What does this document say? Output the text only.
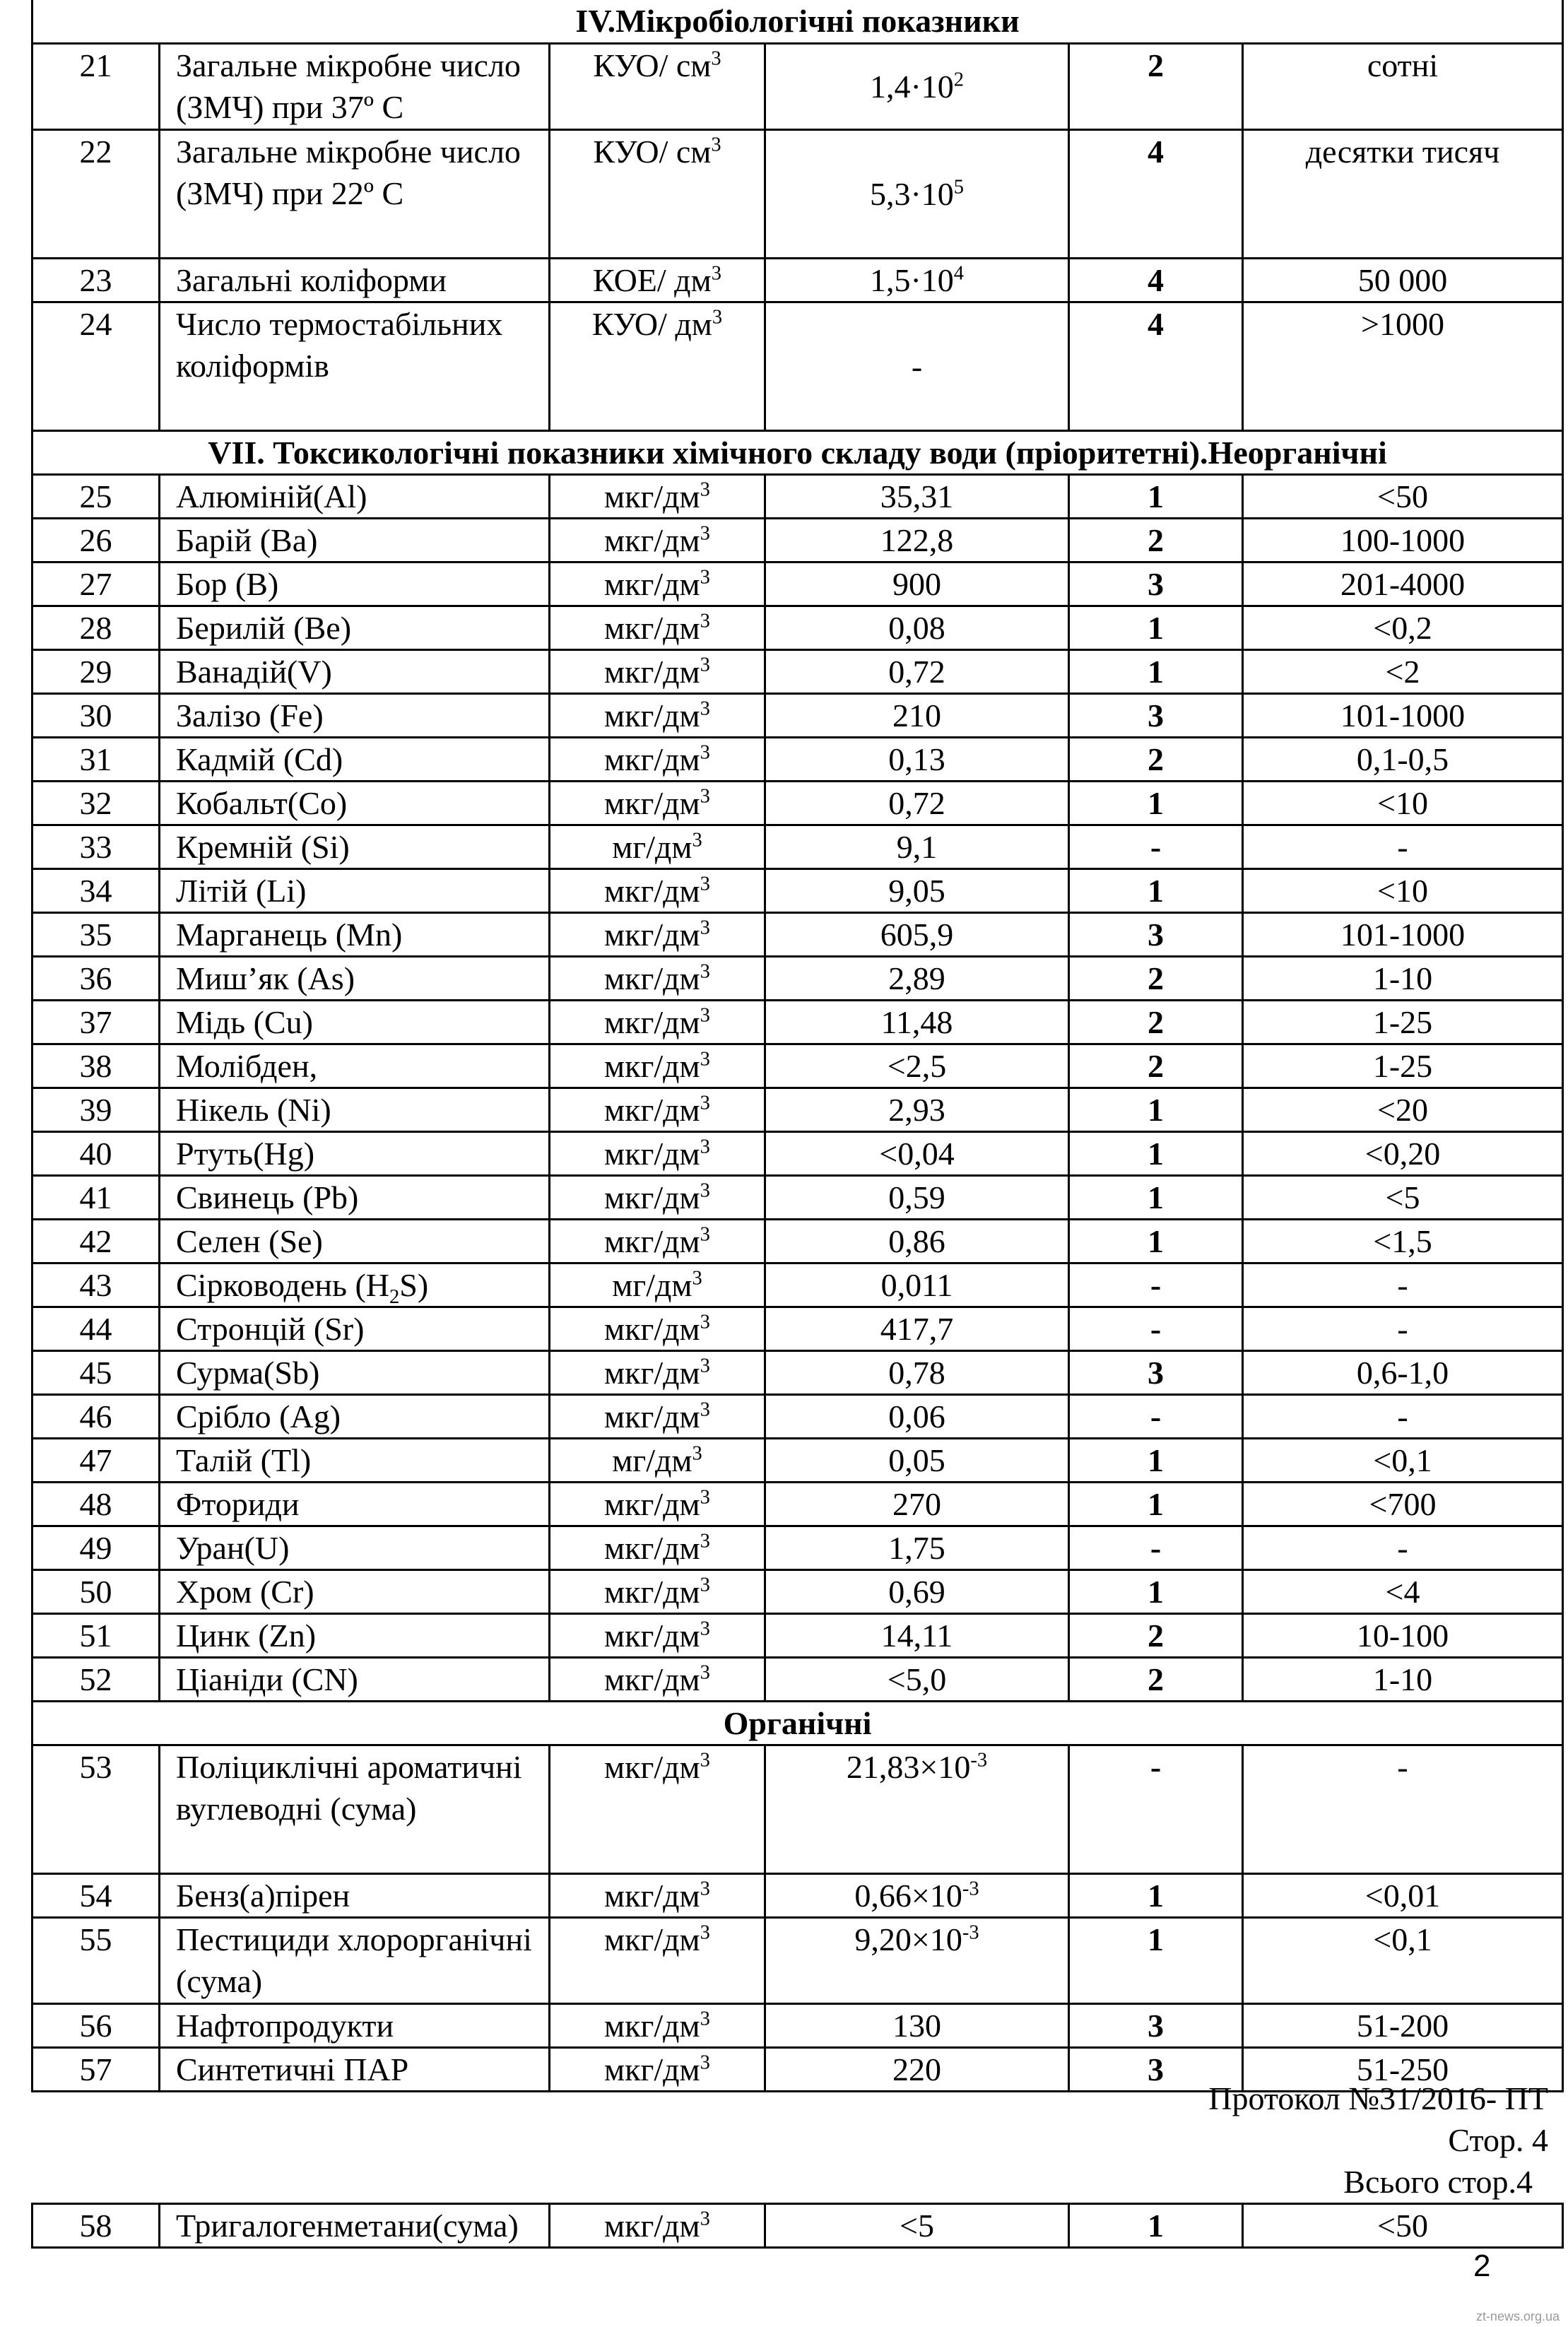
IV.Мікробіологічні показники					
21	Загальне мікробне число (ЗМЧ) при 37º С	КУО/ $см^3$	$1,4\cdot 10^2$	2	сотні
22	Загальне мікробне число (ЗМЧ) при 22º С	КУО/ $см^3$	$5,3\cdot 10^5$	4	десятки тисяч
23	Загальні коліформи	КОЕ/ $дм^3$	$1,5\cdot 10^4$	4	50 000
24	Число термостабільних коліформів	КУО/ $дм^3$	-	4	>1000
VII. Токсикологічні показники хімічного складу води (пріоритетні).Неорганічні					
25	Алюміній(Al)	мкг/$дм^3$	35,31	1	<50
26	Барій (Ba)	мкг/$дм^3$	122,8	2	100-1000
27	Бор (B)	мкг/$дм^3$	900	3	201-4000
28	Берилій (Be)	мкг/$дм^3$	0,08	1	<0,2
29	Ванадій(V)	мкг/$дм^3$	0,72	1	<2
30	Залізо (Fe)	мкг/$дм^3$	210	3	101-1000
31	Кадмій (Cd)	мкг/$дм^3$	0,13	2	0,1-0,5
32	Кобальт(Co)	мкг/$дм^3$	0,72	1	<10
33	Кремній (Si)	$мг/дм^3$	9,1	-	-
34	Літій (Li)	мкг/$дм^3$	9,05	1	<10
35	Марганець (Mn)	мкг/$дм^3$	605,9	3	101-1000
36	Миш’як (As)	мкг/$дм^3$	2,89	2	1-10
37	Мідь (Cu)	мкг/$дм^3$	11,48	2	1-25
38	Молібден,	мкг/$дм^3$	<2,5	2	1-25
39	Нікель (Ni)	мкг/$дм^3$	2,93	1	<20
40	Ртуть(Hg)	мкг/$дм^3$	<0,04	1	<0,20
41	Свинець (Pb)	мкг/$дм^3$	0,59	1	<5
42	Селен (Se)	мкг/$дм^3$	0,86	1	<1,5
43	Сірководень $(H_2S)$	$мг/дм^3$	0,011	-	-
44	Стронцій (Sr)	мкг/$дм^3$	417,7	-	-
45	Сурма(Sb)	мкг/$дм^3$	0,78	3	0,6-1,0
46	Срібло (Ag)	мкг/$дм^3$	0,06	-	-
47	Талій (Tl)	$мг/дм^3$	0,05	1	<0,1
48	Фториди	мкг/$дм^3$	270	1	<700
49	Уран(U)	мкг/$дм^3$	1,75	-	-
50	Хром (Cr)	мкг/$дм^3$	0,69	1	<4
51	Цинк (Zn)	мкг/$дм^3$	14,11	2	10-100
52	Ціаніди (CN)	мкг/$дм^3$	<5,0	2	1-10
Органічні					
53	Поліциклічні ароматичні вуглеводні (сума)	мкг/$дм^3$	$21,83\times 10^{-3}$	-	-
54	Бенз(а)пірен	мкг/$дм^3$	$0,66\times 10^{-3}$	1	<0,01
55	Пестициди хлорорганічні (сума)	мкг/$дм^3$	$9,20\times 10^{-3}$	1	<0,1
56	Нафтопродукти	мкг/$дм^3$	130	3	51-200
57	Синтетичні ПАР	мкг/$дм^3$	220	3	51-250
Протокол №31/2016- ПТ
Стор. 4
Всього стор.4
58	Тригалогенметани(сума)	мкг/$дм^3$	<5	1	<50
2
zt-news.org.ua
